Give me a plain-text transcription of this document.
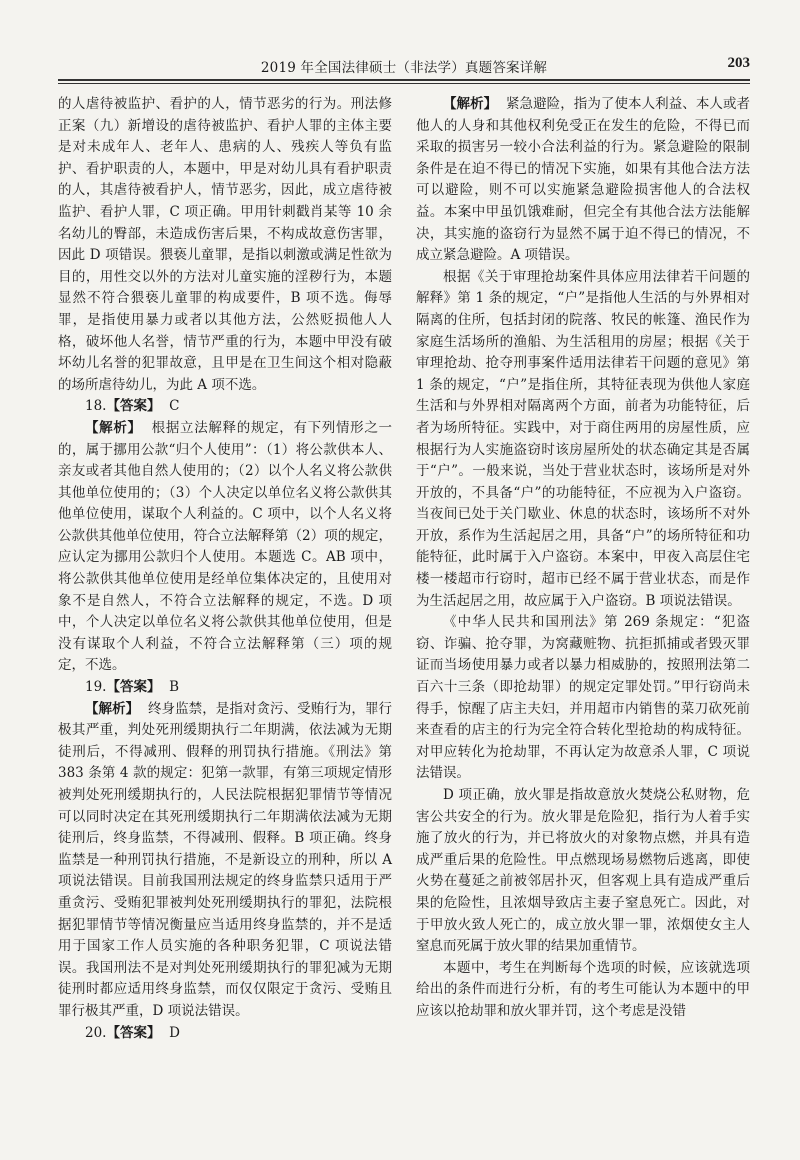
2019 年全国法律硕士（非法学）真题答案详解	203

的人虐待被监护、看护的人，情节恶劣的行为。刑法修正案（九）新增设的虐待被监护、看护人罪的主体主要是对未成年人、老年人、患病的人、残疾人等负有监护、看护职责的人，本题中，甲是对幼儿具有看护职责的人，其虐待被看护人，情节恶劣，因此，成立虐待被监护、看护人罪，C 项正确。甲用针刺戳肖某等 10 余名幼儿的臀部，未造成伤害后果，不构成故意伤害罪，因此 D 项错误。猥亵儿童罪，是指以刺激或满足性欲为目的，用性交以外的方法对儿童实施的淫秽行为，本题显然不符合猥亵儿童罪的构成要件，B 项不选。侮辱罪，是指使用暴力或者以其他方法，公然贬损他人人格，破坏他人名誉，情节严重的行为，本题中甲没有破坏幼儿名誉的犯罪故意，且甲是在卫生间这个相对隐蔽的场所虐待幼儿，为此 A 项不选。

18.【答案】 C

【解析】 根据立法解释的规定，有下列情形之一的，属于挪用公款“归个人使用”：（1）将公款供本人、亲友或者其他自然人使用的；（2）以个人名义将公款供其他单位使用的；（3）个人决定以单位名义将公款供其他单位使用，谋取个人利益的。C 项中，以个人名义将公款供其他单位使用，符合立法解释第（2）项的规定，应认定为挪用公款归个人使用。本题选 C。AB 项中，将公款供其他单位使用是经单位集体决定的，且使用对象不是自然人，不符合立法解释的规定，不选。D 项中，个人决定以单位名义将公款供其他单位使用，但是没有谋取个人利益，不符合立法解释第（三）项的规定，不选。

19.【答案】 B

【解析】 终身监禁，是指对贪污、受贿行为，罪行极其严重，判处死刑缓期执行二年期满，依法减为无期徒刑后，不得减刑、假释的刑罚执行措施。《刑法》第 383 条第 4 款的规定：犯第一款罪，有第三项规定情形被判处死刑缓期执行的，人民法院根据犯罪情节等情况可以同时决定在其死刑缓期执行二年期满依法减为无期徒刑后，终身监禁，不得减刑、假释。B 项正确。终身监禁是一种刑罚执行措施，不是新设立的刑种，所以 A 项说法错误。目前我国刑法规定的终身监禁只适用于严重贪污、受贿犯罪被判处死刑缓期执行的罪犯，法院根据犯罪情节等情况衡量应当适用终身监禁的，并不是适用于国家工作人员实施的各种职务犯罪，C 项说法错误。我国刑法不是对判处死刑缓期执行的罪犯减为无期徒刑时都应适用终身监禁，而仅仅限定于贪污、受贿且罪行极其严重，D 项说法错误。

20.【答案】 D

【解析】 紧急避险，指为了使本人利益、本人或者他人的人身和其他权利免受正在发生的危险，不得已而采取的损害另一较小合法利益的行为。紧急避险的限制条件是在迫不得已的情况下实施，如果有其他合法方法可以避险，则不可以实施紧急避险损害他人的合法权益。本案中甲虽饥饿难耐，但完全有其他合法方法能解决，其实施的盗窃行为显然不属于迫不得已的情况，不成立紧急避险。A 项错误。

根据《关于审理抢劫案件具体应用法律若干问题的解释》第 1 条的规定，“户”是指他人生活的与外界相对隔离的住所，包括封闭的院落、牧民的帐篷、渔民作为家庭生活场所的渔船、为生活租用的房屋；根据《关于审理抢劫、抢夺刑事案件适用法律若干问题的意见》第 1 条的规定，“户”是指住所，其特征表现为供他人家庭生活和与外界相对隔离两个方面，前者为功能特征，后者为场所特征。实践中，对于商住两用的房屋性质，应根据行为人实施盗窃时该房屋所处的状态确定其是否属于“户”。一般来说，当处于营业状态时，该场所是对外开放的，不具备“户”的功能特征，不应视为入户盗窃。当夜间已处于关门歇业、休息的状态时，该场所不对外开放，系作为生活起居之用，具备“户”的场所特征和功能特征，此时属于入户盗窃。本案中，甲夜入高层住宅楼一楼超市行窃时，超市已经不属于营业状态，而是作为生活起居之用，故应属于入户盗窃。B 项说法错误。

《中华人民共和国刑法》第 269 条规定：“犯盗窃、诈骗、抢夺罪，为窝藏赃物、抗拒抓捕或者毁灭罪证而当场使用暴力或者以暴力相威胁的，按照刑法第二百六十三条（即抢劫罪）的规定定罪处罚。”甲行窃尚未得手，惊醒了店主夫妇，并用超市内销售的菜刀砍死前来查看的店主的行为完全符合转化型抢劫的构成特征。对甲应转化为抢劫罪，不再认定为故意杀人罪，C 项说法错误。

D 项正确，放火罪是指故意放火焚烧公私财物，危害公共安全的行为。放火罪是危险犯，指行为人着手实施了放火的行为，并已将放火的对象物点燃，并具有造成严重后果的危险性。甲点燃现场易燃物后逃离，即使火势在蔓延之前被邻居扑灭，但客观上具有造成严重后果的危险性，且浓烟导致店主妻子窒息死亡。因此，对于甲放火致人死亡的，成立放火罪一罪，浓烟使女主人窒息而死属于放火罪的结果加重情节。

本题中，考生在判断每个选项的时候，应该就选项给出的条件而进行分析，有的考生可能认为本题中的甲应该以抢劫罪和放火罪并罚，这个考虑是没错
